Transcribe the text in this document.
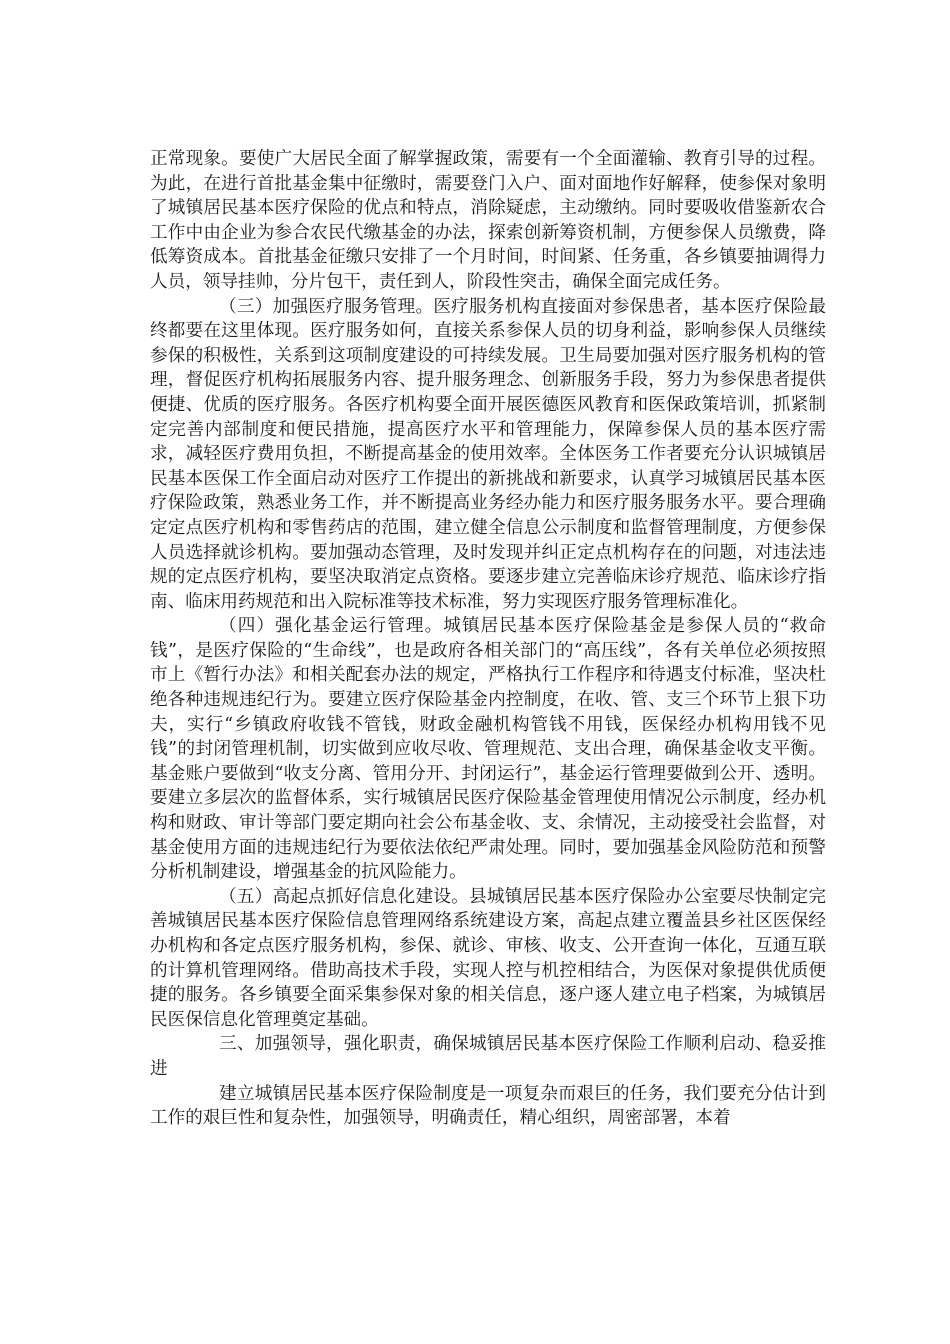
正常现象。要使广大居民全面了解掌握政策，需要有一个全面灌输、教育引导的过程。为此，在进行首批基金集中征缴时，需要登门入户、面对面地作好解释，使参保对象明了城镇居民基本医疗保险的优点和特点，消除疑虑，主动缴纳。同时要吸收借鉴新农合工作中由企业为参合农民代缴基金的办法，探索创新筹资机制，方便参保人员缴费，降低筹资成本。首批基金征缴只安排了一个月时间，时间紧、任务重，各乡镇要抽调得力人员，领导挂帅，分片包干，责任到人，阶段性突击，确保全面完成任务。

（三）加强医疗服务管理。医疗服务机构直接面对参保患者，基本医疗保险最终都要在这里体现。医疗服务如何，直接关系参保人员的切身利益，影响参保人员继续参保的积极性，关系到这项制度建设的可持续发展。卫生局要加强对医疗服务机构的管理，督促医疗机构拓展服务内容、提升服务理念、创新服务手段，努力为参保患者提供便捷、优质的医疗服务。各医疗机构要全面开展医德医风教育和医保政策培训，抓紧制定完善内部制度和便民措施，提高医疗水平和管理能力，保障参保人员的基本医疗需求，减轻医疗费用负担，不断提高基金的使用效率。全体医务工作者要充分认识城镇居民基本医保工作全面启动对医疗工作提出的新挑战和新要求，认真学习城镇居民基本医疗保险政策，熟悉业务工作，并不断提高业务经办能力和医疗服务服务水平。要合理确定定点医疗机构和零售药店的范围，建立健全信息公示制度和监督管理制度，方便参保人员选择就诊机构。要加强动态管理，及时发现并纠正定点机构存在的问题，对违法违规的定点医疗机构，要坚决取消定点资格。要逐步建立完善临床诊疗规范、临床诊疗指南、临床用药规范和出入院标准等技术标准，努力实现医疗服务管理标准化。

（四）强化基金运行管理。城镇居民基本医疗保险基金是参保人员的“救命钱”，是医疗保险的“生命线”，也是政府各相关部门的“高压线”，各有关单位必须按照市上《暂行办法》和相关配套办法的规定，严格执行工作程序和待遇支付标准，坚决杜绝各种违规违纪行为。要建立医疗保险基金内控制度，在收、管、支三个环节上狠下功夫，实行“乡镇政府收钱不管钱，财政金融机构管钱不用钱，医保经办机构用钱不见钱”的封闭管理机制，切实做到应收尽收、管理规范、支出合理，确保基金收支平衡。基金账户要做到“收支分离、管用分开、封闭运行”，基金运行管理要做到公开、透明。要建立多层次的监督体系，实行城镇居民医疗保险基金管理使用情况公示制度，经办机构和财政、审计等部门要定期向社会公布基金收、支、余情况，主动接受社会监督，对基金使用方面的违规违纪行为要依法依纪严肃处理。同时，要加强基金风险防范和预警分析机制建设，增强基金的抗风险能力。

（五）高起点抓好信息化建设。县城镇居民基本医疗保险办公室要尽快制定完善城镇居民基本医疗保险信息管理网络系统建设方案，高起点建立覆盖县乡社区医保经办机构和各定点医疗服务机构，参保、就诊、审核、收支、公开查询一体化，互通互联的计算机管理网络。借助高技术手段，实现人控与机控相结合，为医保对象提供优质便捷的服务。各乡镇要全面采集参保对象的相关信息，逐户逐人建立电子档案，为城镇居民医保信息化管理奠定基础。

三、加强领导，强化职责，确保城镇居民基本医疗保险工作顺利启动、稳妥推进

建立城镇居民基本医疗保险制度是一项复杂而艰巨的任务，我们要充分估计到工作的艰巨性和复杂性，加强领导，明确责任，精心组织，周密部署，本着
